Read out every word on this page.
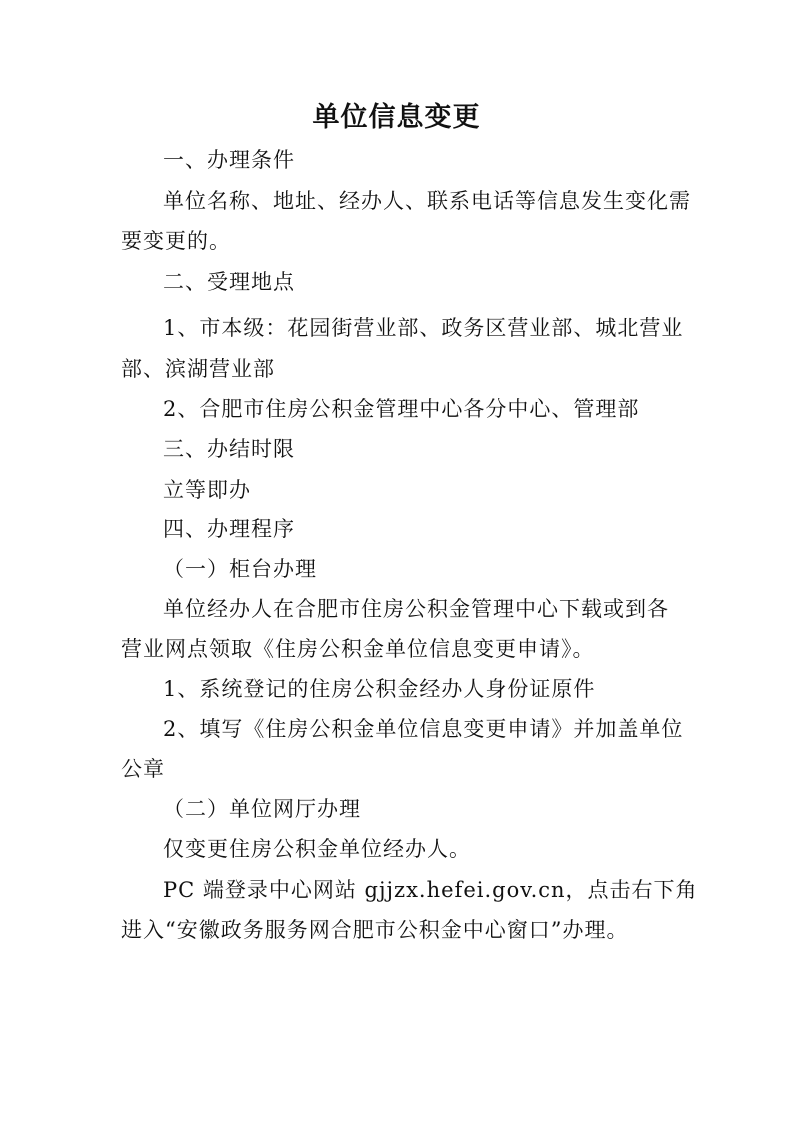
单位信息变更

一、办理条件

单位名称、地址、经办人、联系电话等信息发生变化需

要变更的。

二、受理地点

1、市本级：花园街营业部、政务区营业部、城北营业

部、滨湖营业部

2、合肥市住房公积金管理中心各分中心、管理部

三、办结时限

立等即办

四、办理程序

（一）柜台办理

单位经办人在合肥市住房公积金管理中心下载或到各

营业网点领取《住房公积金单位信息变更申请》。

1、系统登记的住房公积金经办人身份证原件

2、填写《住房公积金单位信息变更申请》并加盖单位

公章

（二）单位网厅办理

仅变更住房公积金单位经办人。

PC 端登录中心网站 gjjzx.hefei.gov.cn，点击右下角

进入“安徽政务服务网合肥市公积金中心窗口”办理。
